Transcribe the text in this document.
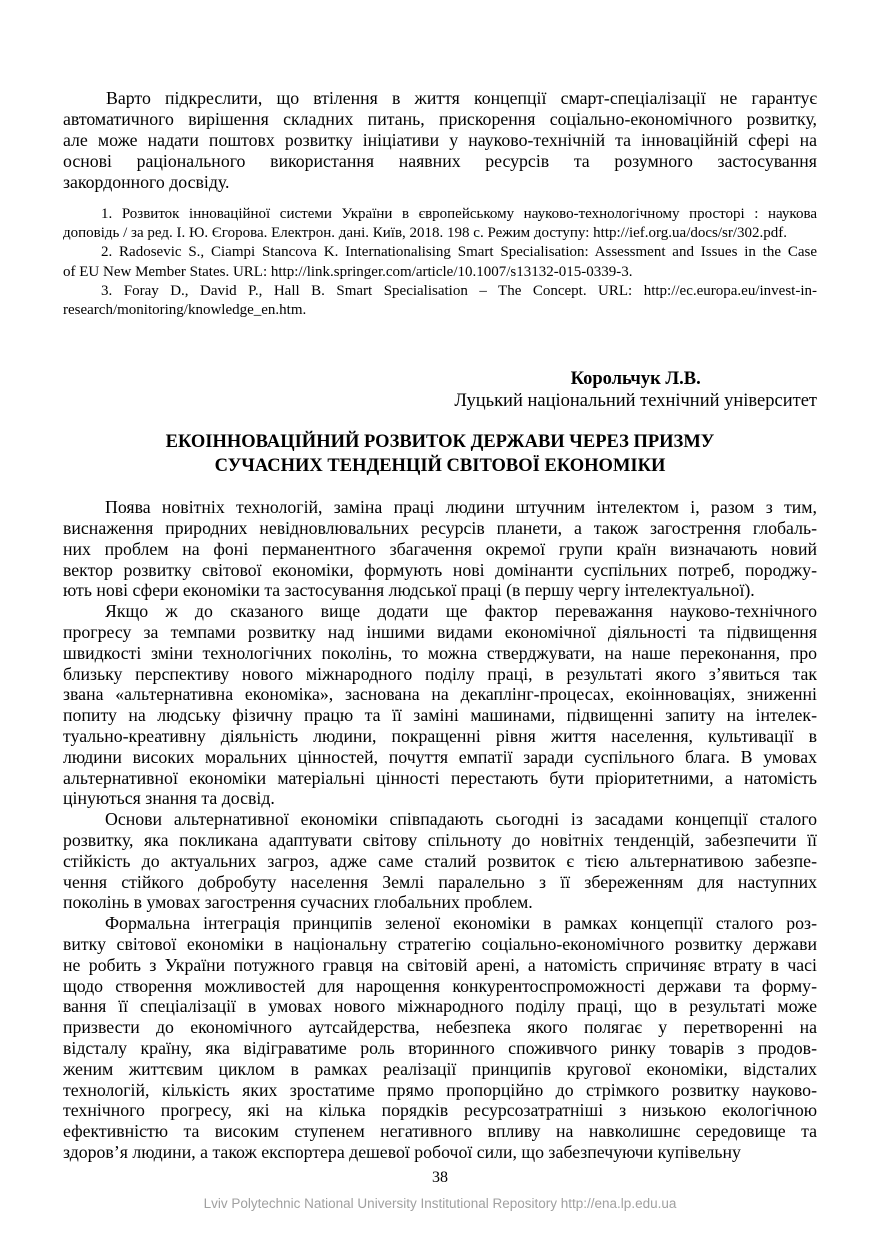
Варто підкреслити, що втілення в життя концепції смарт-спеціалізації не гарантує
автоматичного вирішення складних питань, прискорення соціально-економічного розвитку,
але може надати поштовх розвитку ініціативи у науково-технічній та інноваційній сфері на
основі раціонального використання наявних ресурсів та розумного застосування
закордонного досвіду.
1. Розвиток інноваційної системи України в європейському науково-технологічному просторі : наукова
доповідь / за ред. І. Ю. Єгорова. Електрон. дані. Київ, 2018. 198 с. Режим доступу: http://ief.org.ua/docs/sr/302.pdf.
2. Radosevic S., Ciampi Stancova K. Internationalising Smart Specialisation: Assessment and Issues in the Case
of EU New Member States. URL: http://link.springer.com/article/10.1007/s13132-015-0339-3.
3. Foray D., David P., Hall B. Smart Specialisation – The Concept. URL: http://ec.europa.eu/invest-in-
research/monitoring/knowledge_en.htm.
Корольчук Л.В.
Луцький національний технічний університет
ЕКОІННОВАЦІЙНИЙ РОЗВИТОК ДЕРЖАВИ ЧЕРЕЗ ПРИЗМУ
СУЧАСНИХ ТЕНДЕНЦІЙ СВІТОВОЇ ЕКОНОМІКИ
Поява новітніх технологій, заміна праці людини штучним інтелектом і, разом з тим,
виснаження природних невідновлювальних ресурсів планети, а також загострення глобаль-
них проблем на фоні перманентного збагачення окремої групи країн визначають новий
вектор розвитку світової економіки, формують нові домінанти суспільних потреб, породжу-
ють нові сфери економіки та застосування людської праці (в першу чергу інтелектуальної).
Якщо ж до сказаного вище додати ще фактор переважання науково-технічного
прогресу за темпами розвитку над іншими видами економічної діяльності та підвищення
швидкості зміни технологічних поколінь, то можна стверджувати, на наше переконання, про
близьку перспективу нового міжнародного поділу праці, в результаті якого з’явиться так
звана «альтернативна економіка», заснована на декаплінг-процесах, екоінноваціях, зниженні
попиту на людську фізичну працю та її заміні машинами, підвищенні запиту на інтелек-
туально-креативну діяльність людини, покращенні рівня життя населення, культивації в
людини високих моральних цінностей, почуття емпатії заради суспільного блага. В умовах
альтернативної економіки матеріальні цінності перестають бути пріоритетними, а натомість
цінуються знання та досвід.
Основи альтернативної економіки співпадають сьогодні із засадами концепції сталого
розвитку, яка покликана адаптувати світову спільноту до новітніх тенденцій, забезпечити її
стійкість до актуальних загроз, адже саме сталий розвиток є тією альтернативою забезпе-
чення стійкого добробуту населення Землі паралельно з її збереженням для наступних
поколінь в умовах загострення сучасних глобальних проблем.
Формальна інтеграція принципів зеленої економіки в рамках концепції сталого роз-
витку світової економіки в національну стратегію соціально-економічного розвитку держави
не робить з України потужного гравця на світовій арені, а натомість спричиняє втрату в часі
щодо створення можливостей для нарощення конкурентоспроможності держави та форму-
вання її спеціалізації в умовах нового міжнародного поділу праці, що в результаті може
призвести до економічного аутсайдерства, небезпека якого полягає у перетворенні на
відсталу країну, яка відіграватиме роль вторинного споживчого ринку товарів з продов-
женим життєвим циклом в рамках реалізації принципів кругової економіки, відсталих
технологій, кількість яких зростатиме прямо пропорційно до стрімкого розвитку науково-
технічного прогресу, які на кілька порядків ресурсозатратніші з низькою екологічною
ефективністю та високим ступенем негативного впливу на навколишнє середовище та
здоров’я людини, а також експортера дешевої робочої сили, що забезпечуючи купівельну
38
Lviv Polytechnic National University Institutional Repository http://ena.lp.edu.ua
